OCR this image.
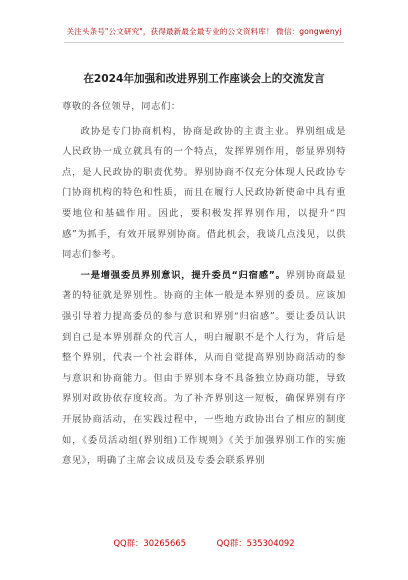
关注头条号"公文研究"，获得最新最全最专业的公文资料库！ 微信：gongwenyj
在2024年加强和改进界别工作座谈会上的交流发言

尊敬的各位领导，同志们：

政协是专门协商机构，协商是政协的主责主业。界别组成是人民政协一成立就具有的一个特点，发挥界别作用，彰显界别特点，是人民政协的职责优势。界别协商不仅充分体现人民政协专门协商机构的特色和性质，而且在履行人民政协新使命中具有重要地位和基础作用。因此，要积极发挥界别作用，以提升“四感”为抓手，有效开展界别协商。借此机会，我谈几点浅见，以供同志们参考。

一是增强委员界别意识，提升委员“归宿感”。界别协商最显著的特征就是界别性。协商的主体一般是本界别的委员。应该加强引导着力提高委员的参与意识和界别“归宿感”。要让委员认识到自己是本界别群众的代言人，明白履职不是个人行为，背后是整个界别，代表一个社会群体，从而自觉提高界别协商活动的参与意识和协商能力。但由于界别本身不具备独立协商功能，导致界别对政协依存度较高。为了补齐界别这一短板，确保界别有序开展协商活动，在实践过程中，一些地方政协出台了相应的制度如，《委员活动组(界别组)工作规则》《关于加强界别工作的实施意见》，明确了主席会议成员及专委会联系界别

QQ群：30265665	QQ群：535304092
